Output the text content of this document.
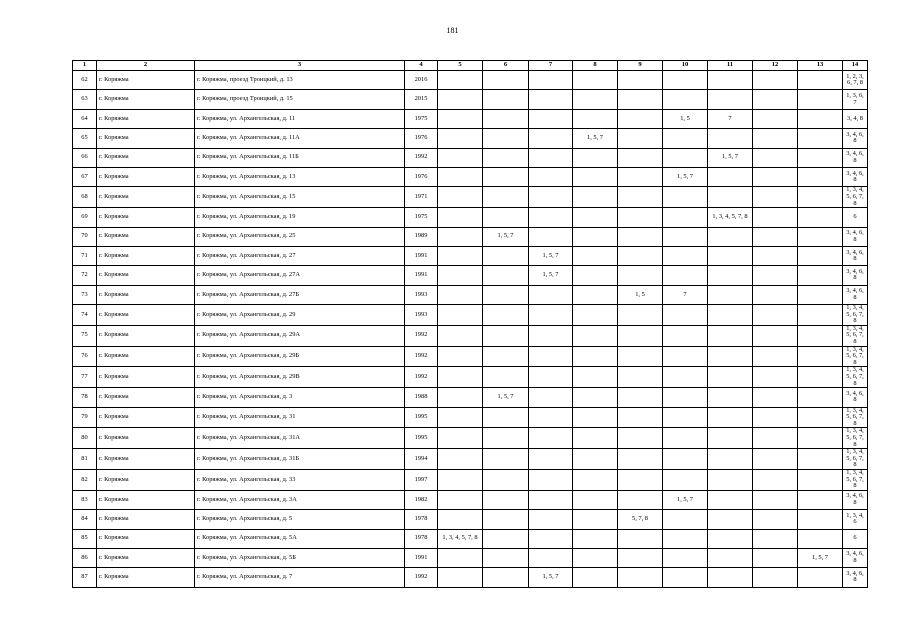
181
1	2	3	4	5	6	7	8	9	10	11	12	13	14
62	г. Коряжма	г. Коряжма, проезд Троицкий, д. 13	2016										1, 2, 3, 6, 7, 8
63	г. Коряжма	г. Коряжма, проезд Троицкий, д. 15	2015										1, 3, 6, 7
64	г. Коряжма	г. Коряжма, ул. Архангельская, д. 11	1975						1, 5	7			3, 4, 8
65	г. Коряжма	г. Коряжма, ул. Архангельская, д. 11А	1976				1, 5, 7						3, 4, 6, 8
66	г. Коряжма	г. Коряжма, ул. Архангельская, д. 11Б	1992							1, 5, 7			3, 4, 6, 8
67	г. Коряжма	г. Коряжма, ул. Архангельская, д. 13	1976						1, 5, 7				3, 4, 6, 8
68	г. Коряжма	г. Коряжма, ул. Архангельская, д. 15	1971										1, 3, 4, 5, 6, 7, 8
69	г. Коряжма	г. Коряжма, ул. Архангельская, д. 19	1975							1, 3, 4, 5, 7, 8			6
70	г. Коряжма	г. Коряжма, ул. Архангельская, д. 25	1989		1, 5, 7								3, 4, 6, 8
71	г. Коряжма	г. Коряжма, ул. Архангельская, д. 27	1991			1, 5, 7							3, 4, 6, 8
72	г. Коряжма	г. Коряжма, ул. Архангельская, д. 27А	1991			1, 5, 7							3, 4, 6, 8
73	г. Коряжма	г. Коряжма, ул. Архангельская, д. 27Б	1993					1, 5	7				3, 4, 6, 8
74	г. Коряжма	г. Коряжма, ул. Архангельская, д. 29	1993										1, 3, 4, 5, 6, 7, 8
75	г. Коряжма	г. Коряжма, ул. Архангельская, д. 29А	1992										1, 3, 4, 5, 6, 7, 8
76	г. Коряжма	г. Коряжма, ул. Архангельская, д. 29Б	1992										1, 3, 4, 5, 6, 7, 8
77	г. Коряжма	г. Коряжма, ул. Архангельская, д. 29В	1992										1, 3, 4, 5, 6, 7, 8
78	г. Коряжма	г. Коряжма, ул. Архангельская, д. 3	1988		1, 5, 7								3, 4, 6, 8
79	г. Коряжма	г. Коряжма, ул. Архангельская, д. 31	1995										1, 3, 4, 5, 6, 7, 8
80	г. Коряжма	г. Коряжма, ул. Архангельская, д. 31А	1995										1, 3, 4, 5, 6, 7, 8
81	г. Коряжма	г. Коряжма, ул. Архангельская, д. 31Б	1994										1, 3, 4, 5, 6, 7, 8
82	г. Коряжма	г. Коряжма, ул. Архангельская, д. 33	1997										1, 3, 4, 5, 6, 7, 8
83	г. Коряжма	г. Коряжма, ул. Архангельская, д. 3А	1982						1, 5, 7				3, 4, 6, 8
84	г. Коряжма	г. Коряжма, ул. Архангельская, д. 5	1978					5, 7, 8					1, 3, 4, 6
85	г. Коряжма	г. Коряжма, ул. Архангельская, д. 5А	1978	1, 3, 4, 5, 7, 8									6
86	г. Коряжма	г. Коряжма, ул. Архангельская, д. 5Б	1991									1, 5, 7	3, 4, 6, 8
87	г. Коряжма	г. Коряжма, ул. Архангельская, д. 7	1992			1, 5, 7							3, 4, 6, 8
